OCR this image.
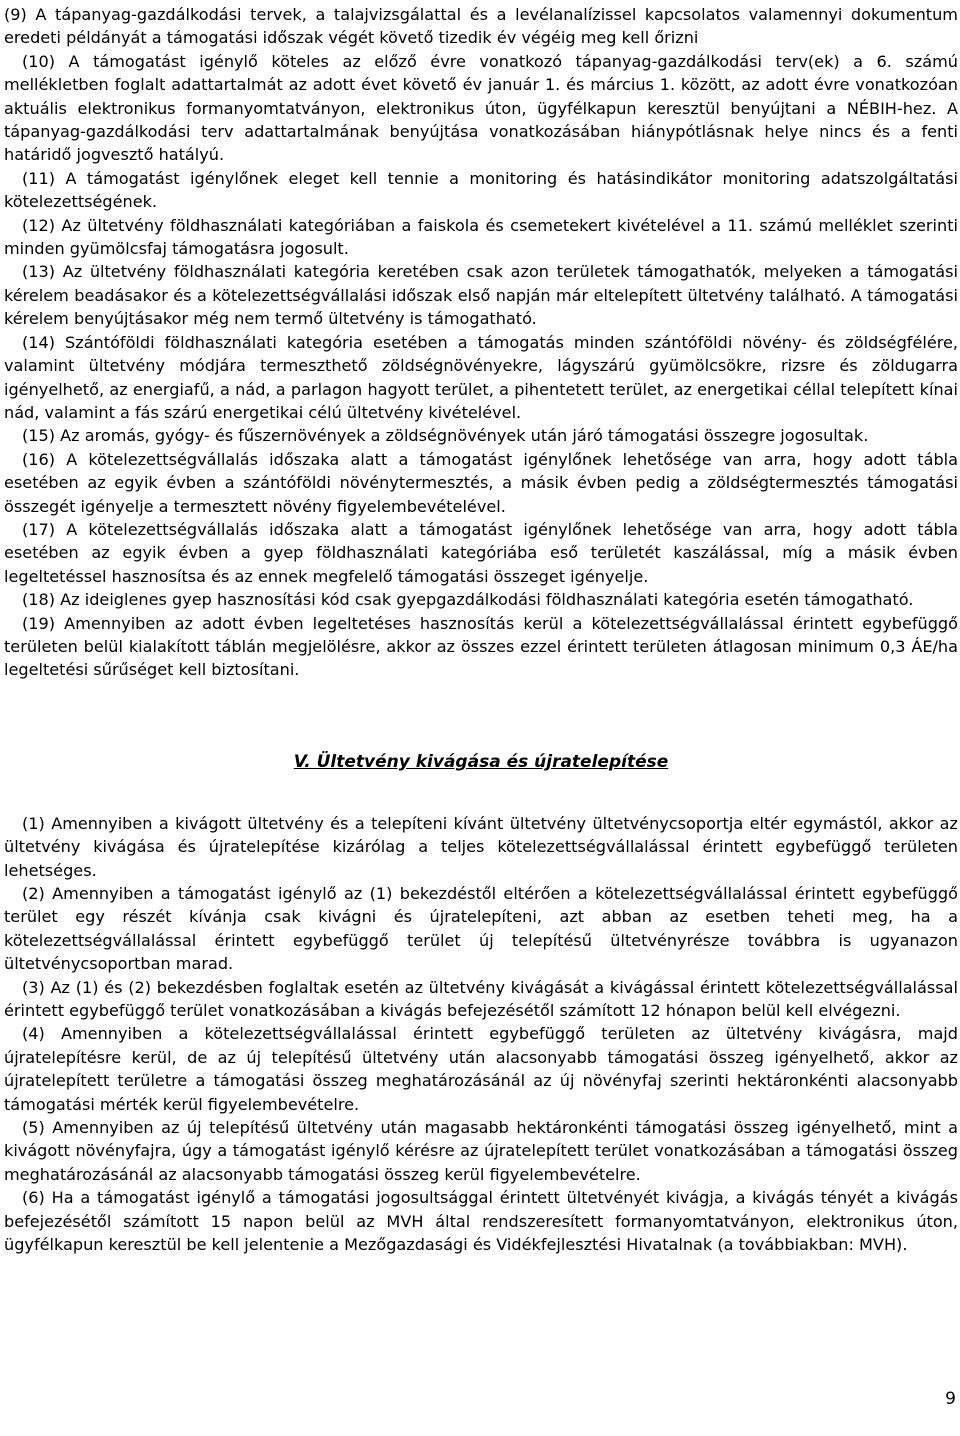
(9) A tápanyag-gazdálkodási tervek, a talajvizsgálattal és a levélanalízissel kapcsolatos valamennyi dokumentum eredeti példányát a támogatási időszak végét követő tizedik év végéig meg kell őrizni

(10) A támogatást igénylő köteles az előző évre vonatkozó tápanyag-gazdálkodási terv(ek) a 6. számú mellékletben foglalt adattartalmát az adott évet követő év január 1. és március 1. között, az adott évre vonatkozóan aktuális elektronikus formanyomtatványon, elektronikus úton, ügyfélkapun keresztül benyújtani a NÉBIH-hez. A tápanyag-gazdálkodási terv adattartalmának benyújtása vonatkozásában hiánypótlásnak helye nincs és a fenti határidő jogvesztő hatályú.

(11) A támogatást igénylőnek eleget kell tennie a monitoring és hatásindikátor monitoring adatszolgáltatási kötelezettségének.

(12) Az ültetvény földhasználati kategóriában a faiskola és csemetekert kivételével a 11. számú melléklet szerinti minden gyümölcsfaj támogatásra jogosult.

(13) Az ültetvény földhasználati kategória keretében csak azon területek támogathatók, melyeken a támogatási kérelem beadásakor és a kötelezettségvállalási időszak első napján már eltelepített ültetvény található. A támogatási kérelem benyújtásakor még nem termő ültetvény is támogatható.

(14) Szántóföldi földhasználati kategória esetében a támogatás minden szántóföldi növény- és zöldségfélére, valamint ültetvény módjára termeszthető zöldségnövényekre, lágyszárú gyümölcsökre, rizsre és zöldugarra igényelhető, az energiafű, a nád, a parlagon hagyott terület, a pihentetett terület, az energetikai céllal telepített kínai nád, valamint a fás szárú energetikai célú ültetvény kivételével.

(15) Az aromás, gyógy- és fűszernövények a zöldségnövények után járó támogatási összegre jogosultak.

(16) A kötelezettségvállalás időszaka alatt a támogatást igénylőnek lehetősége van arra, hogy adott tábla esetében az egyik évben a szántóföldi növénytermesztés, a másik évben pedig a zöldségtermesztés támogatási összegét igényelje a termesztett növény figyelembevételével.

(17) A kötelezettségvállalás időszaka alatt a támogatást igénylőnek lehetősége van arra, hogy adott tábla esetében az egyik évben a gyep földhasználati kategóriába eső területét kaszálással, míg a másik évben legeltetéssel hasznosítsa és az ennek megfelelő támogatási összeget igényelje.

(18) Az ideiglenes gyep hasznosítási kód csak gyepgazdálkodási földhasználati kategória esetén támogatható.

(19) Amennyiben az adott évben legeltetéses hasznosítás kerül a kötelezettségvállalással érintett egybefüggő területen belül kialakított táblán megjelölésre, akkor az összes ezzel érintett területen átlagosan minimum 0,3 ÁE/ha legeltetési sűrűséget kell biztosítani.

V. Ültetvény kivágása és újratelepítése

(1) Amennyiben a kivágott ültetvény és a telepíteni kívánt ültetvény ültetvénycsoportja eltér egymástól, akkor az ültetvény kivágása és újratelepítése kizárólag a teljes kötelezettségvállalással érintett egybefüggő területen lehetséges.

(2) Amennyiben a támogatást igénylő az (1) bekezdéstől eltérően a kötelezettségvállalással érintett egybefüggő terület egy részét kívánja csak kivágni és újratelepíteni, azt abban az esetben teheti meg, ha a kötelezettségvállalással érintett egybefüggő terület új telepítésű ültetvényrésze továbbra is ugyanazon ültetvénycsoportban marad.

(3) Az (1) és (2) bekezdésben foglaltak esetén az ültetvény kivágását a kivágással érintett kötelezettségvállalással érintett egybefüggő terület vonatkozásában a kivágás befejezésétől számított 12 hónapon belül kell elvégezni.

(4) Amennyiben a kötelezettségvállalással érintett egybefüggő területen az ültetvény kivágásra, majd újratelepítésre kerül, de az új telepítésű ültetvény után alacsonyabb támogatási összeg igényelhető, akkor az újratelepített területre a támogatási összeg meghatározásánál az új növényfaj szerinti hektáronkénti alacsonyabb támogatási mérték kerül figyelembevételre.

(5) Amennyiben az új telepítésű ültetvény után magasabb hektáronkénti támogatási összeg igényelhető, mint a kivágott növényfajra, úgy a támogatást igénylő kérésre az újratelepített terület vonatkozásában a támogatási összeg meghatározásánál az alacsonyabb támogatási összeg kerül figyelembevételre.

(6) Ha a támogatást igénylő a támogatási jogosultsággal érintett ültetvényét kivágja, a kivágás tényét a kivágás befejezésétől számított 15 napon belül az MVH által rendszeresített formanyomtatványon, elektronikus úton, ügyfélkapun keresztül be kell jelentenie a Mezőgazdasági és Vidékfejlesztési Hivatalnak (a továbbiakban: MVH).

9
